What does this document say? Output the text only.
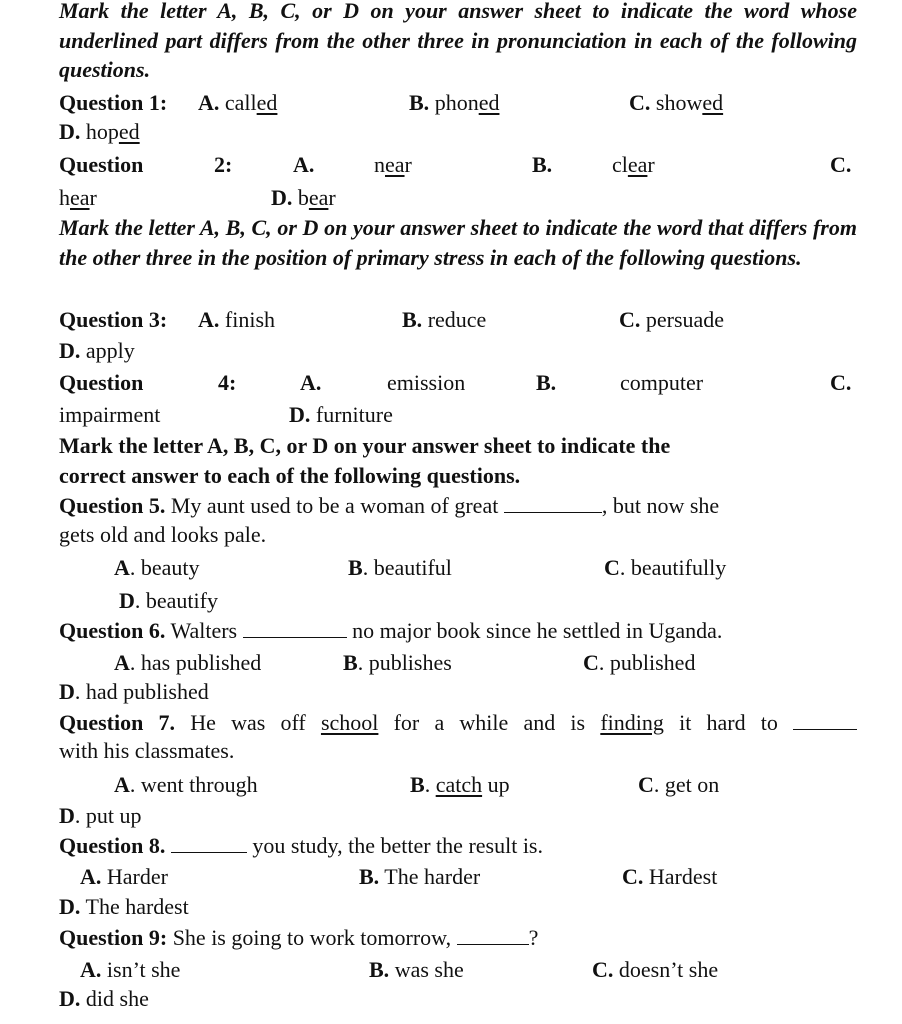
Mark the letter A, B, C, or D on your answer sheet to indicate the word whose underlined part differs from the other three in pronunciation in each of the following questions.
Question 1: A. called	B. phoned	C. showed
D. hoped
Question	2:	A.	near	B.	clear	C.
hear	D. bear
Mark the letter A, B, C, or D on your answer sheet to indicate the word that differs from the other three in the position of primary stress in each of the following questions.
Question 3: A. finish	B. reduce	C. persuade
D. apply
Question	4:	A.	emission	B.	computer	C.
impairment	D. furniture
Mark the letter A, B, C, or D on your answer sheet to indicate the
correct answer to each of the following questions.
Question 5. My aunt used to be a woman of great	, but now she
gets old and looks pale.
A. beauty	B. beautiful	C. beautifully
D. beautify
Question 6. Walters	no major book since he settled in Uganda.
A. has published	B. publishes	C. published
D. had published
Question 7. He was off school for a while and is finding it hard to
with his classmates.
A. went through	B. catch up	C. get on
D. put up
Question 8.	you study, the better the result is.
A. Harder	B. The harder	C. Hardest
D. The hardest
Question 9: She is going to work tomorrow,	?
A. isn’t she	B. was she	C. doesn’t she
D. did she
